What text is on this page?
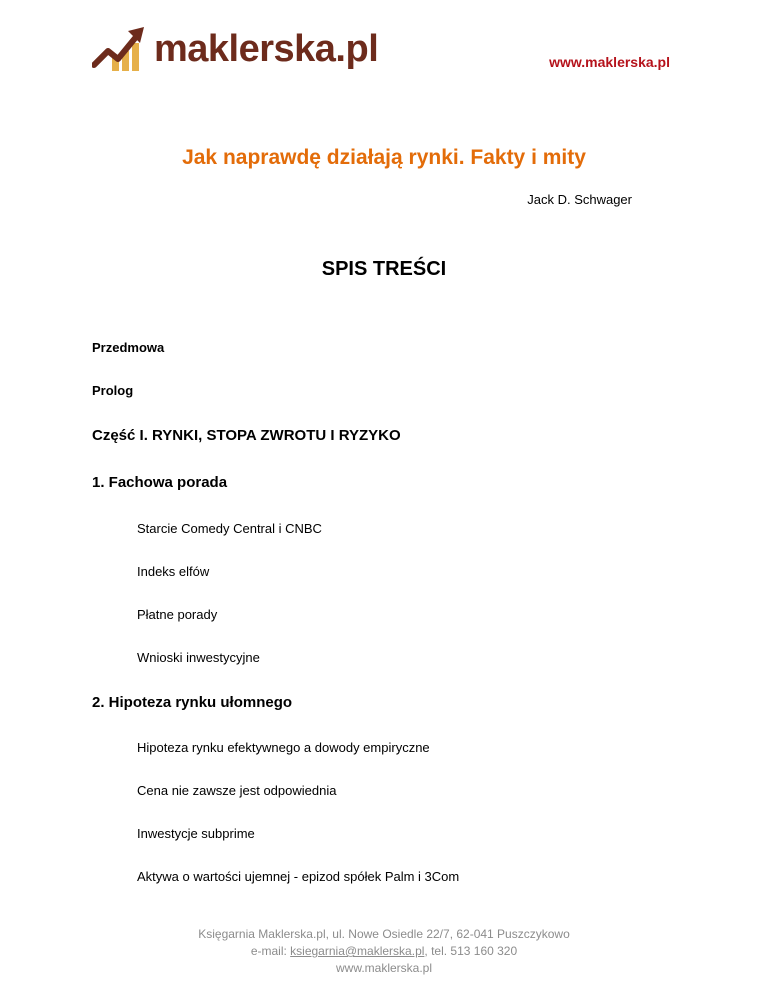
maklerska.pl	www.maklerska.pl
Jak naprawdę działają rynki. Fakty i mity
Jack D. Schwager
SPIS TREŚCI
Przedmowa
Prolog
Część I. RYNKI, STOPA ZWROTU I RYZYKO
1. Fachowa porada
Starcie Comedy Central i CNBC
Indeks elfów
Płatne porady
Wnioski inwestycyjne
2. Hipoteza rynku ułomnego
Hipoteza rynku efektywnego a dowody empiryczne
Cena nie zawsze jest odpowiednia
Inwestycje subprime
Aktywa o wartości ujemnej - epizod spółek Palm i 3Com
Księgarnia Maklerska.pl, ul. Nowe Osiedle 22/7, 62-041 Puszczykowo
e-mail: ksiegarnia@maklerska.pl, tel. 513 160 320
www.maklerska.pl
